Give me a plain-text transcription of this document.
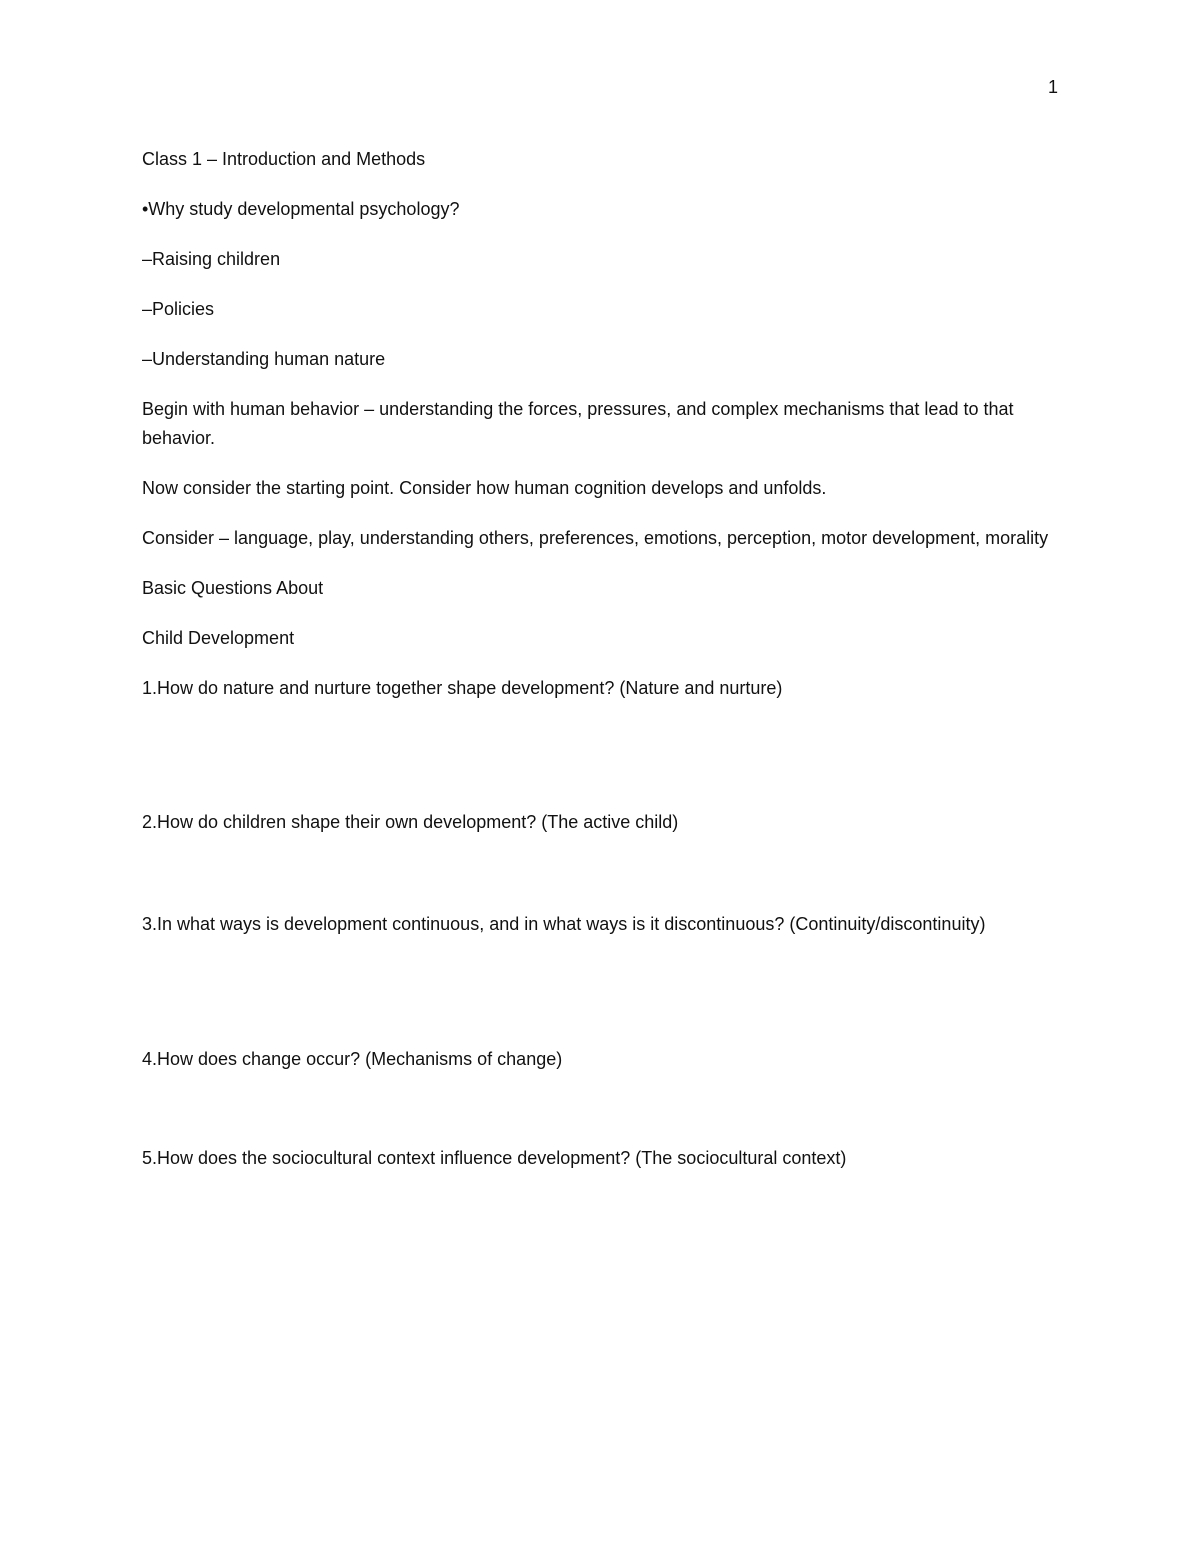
1

Class 1 – Introduction and Methods

•Why study developmental psychology?

–Raising children

–Policies

–Understanding human nature

Begin with human behavior – understanding the forces, pressures, and complex mechanisms that lead to that behavior.

Now consider the starting point. Consider how human cognition develops and unfolds.

Consider – language, play, understanding others, preferences, emotions, perception, motor development, morality

Basic Questions About

Child Development

1.How do nature and nurture together shape development? (Nature and nurture)

2.How do children shape their own development? (The active child)

3.In what ways is development continuous, and in what ways is it discontinuous? (Continuity/discontinuity)

4.How does change occur? (Mechanisms of change)

5.How does the sociocultural context influence development? (The sociocultural context)
